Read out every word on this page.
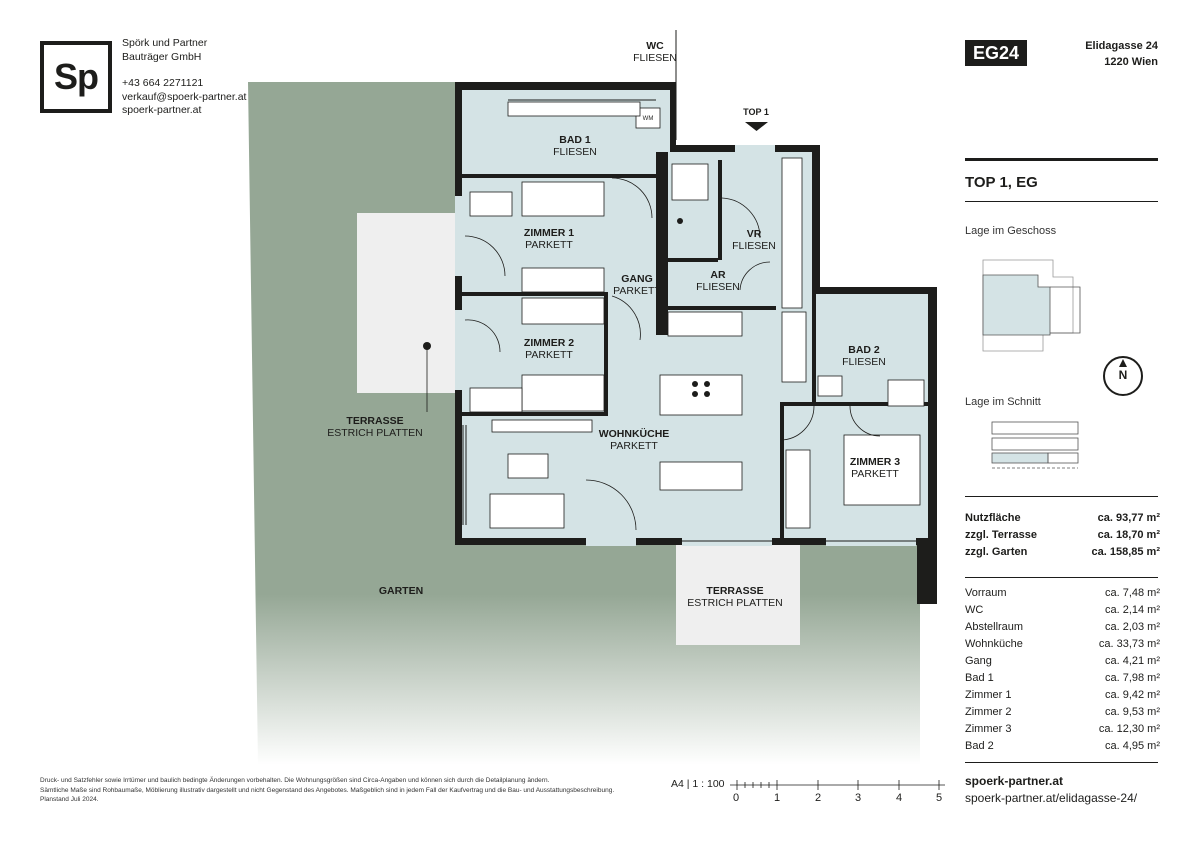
Sp
Spörk und Partner
Bauträger GmbH
+43 664 2271121
verkauf@spoerk-partner.at
spoerk-partner.at
WC
FLIESEN
TOP 1
BAD 1
FLIESEN
WM
ZIMMER 1
PARKETT
VR
FLIESEN
GANG
PARKETT
AR
FLIESEN
ZIMMER 2
PARKETT	BAD 2
FLIESEN
WOHNKÜCHE
PARKETT
ZIMMER 3
PARKETT
TERRASSE
ESTRICH PLATTEN
TERRASSE
ESTRICH PLATTEN
GARTEN
EG24	Elidagasse 24
1220 Wien
TOP 1, EG
Lage im Geschoss
N
Lage im Schnitt
Nutzfläche	ca. 93,77 m²
zzgl. Terrasse	ca. 18,70 m²
zzgl. Garten	ca. 158,85 m²
Vorraum	ca. 7,48 m²
WC	ca. 2,14 m²
Abstellraum	ca. 2,03 m²
Wohnküche	ca. 33,73 m²
Gang	ca. 4,21 m²
Bad 1	ca. 7,98 m²
Zimmer 1	ca. 9,42 m²
Zimmer 2	ca. 9,53 m²
Zimmer 3	ca. 12,30 m²
Bad 2	ca. 4,95 m²
Druck- und Satzfehler sowie Irrtümer und baulich bedingte Änderungen vorbehalten. Die Wohnungsgrößen sind Circa-Angaben und können sich durch die Detailplanung ändern.
Sämtliche Maße sind Rohbaumaße, Möblierung illustrativ dargestellt und nicht Gegenstand des Angebotes. Maßgeblich sind in jedem Fall der Kaufvertrag und die Bau- und Ausstattungsbeschreibung.
Planstand Juli 2024.
A4 | 1 : 100
0	1	2	3	4	5
spoerk-partner.at
spoerk-partner.at/elidagasse-24/
